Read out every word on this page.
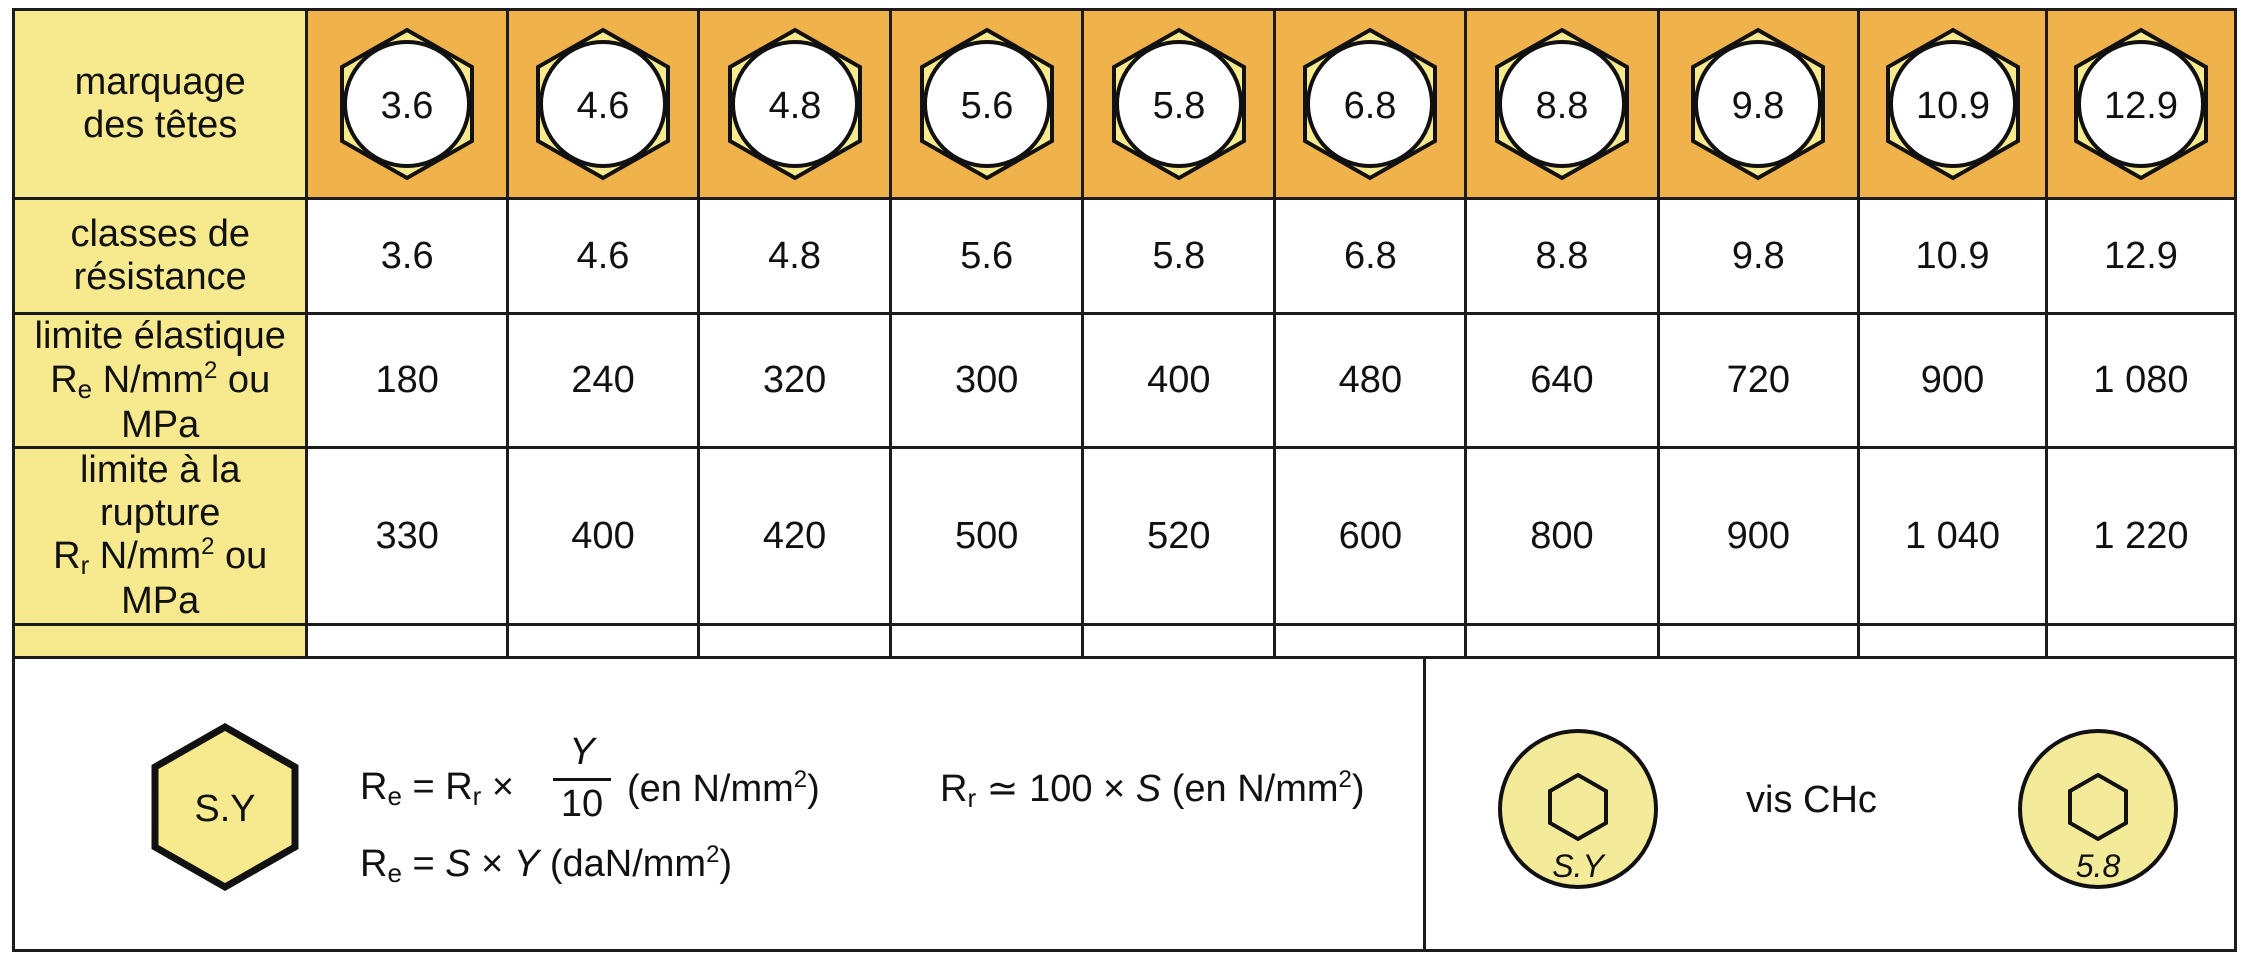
marquage
des têtes	3.6	4.6	4.8	5.6	5.8	6.8	8.8	9.8	10.9	12.9

classes de résistance	3.6	4.6	4.8	5.6	5.8	6.8	8.8	9.8	10.9	12.9

limite élastique
$R_e$ $N/mm^2$ ou MPa	180	240	320	300	400	480	640	720	900	1 080

limite à la rupture
$R_r$ $N/mm^2$ ou MPa	330	400	420	500	520	600	800	900	1 040	1 220

S.Y
$R_e = R_r$ ×
Y
10 (en $N/mm^2$)	$R_r$ ≃ 100 × S (en $N/mm^2$)
$R_e = S \times Y$ $(daN/mm^2)$	S.Y
vis CHc
5.8
